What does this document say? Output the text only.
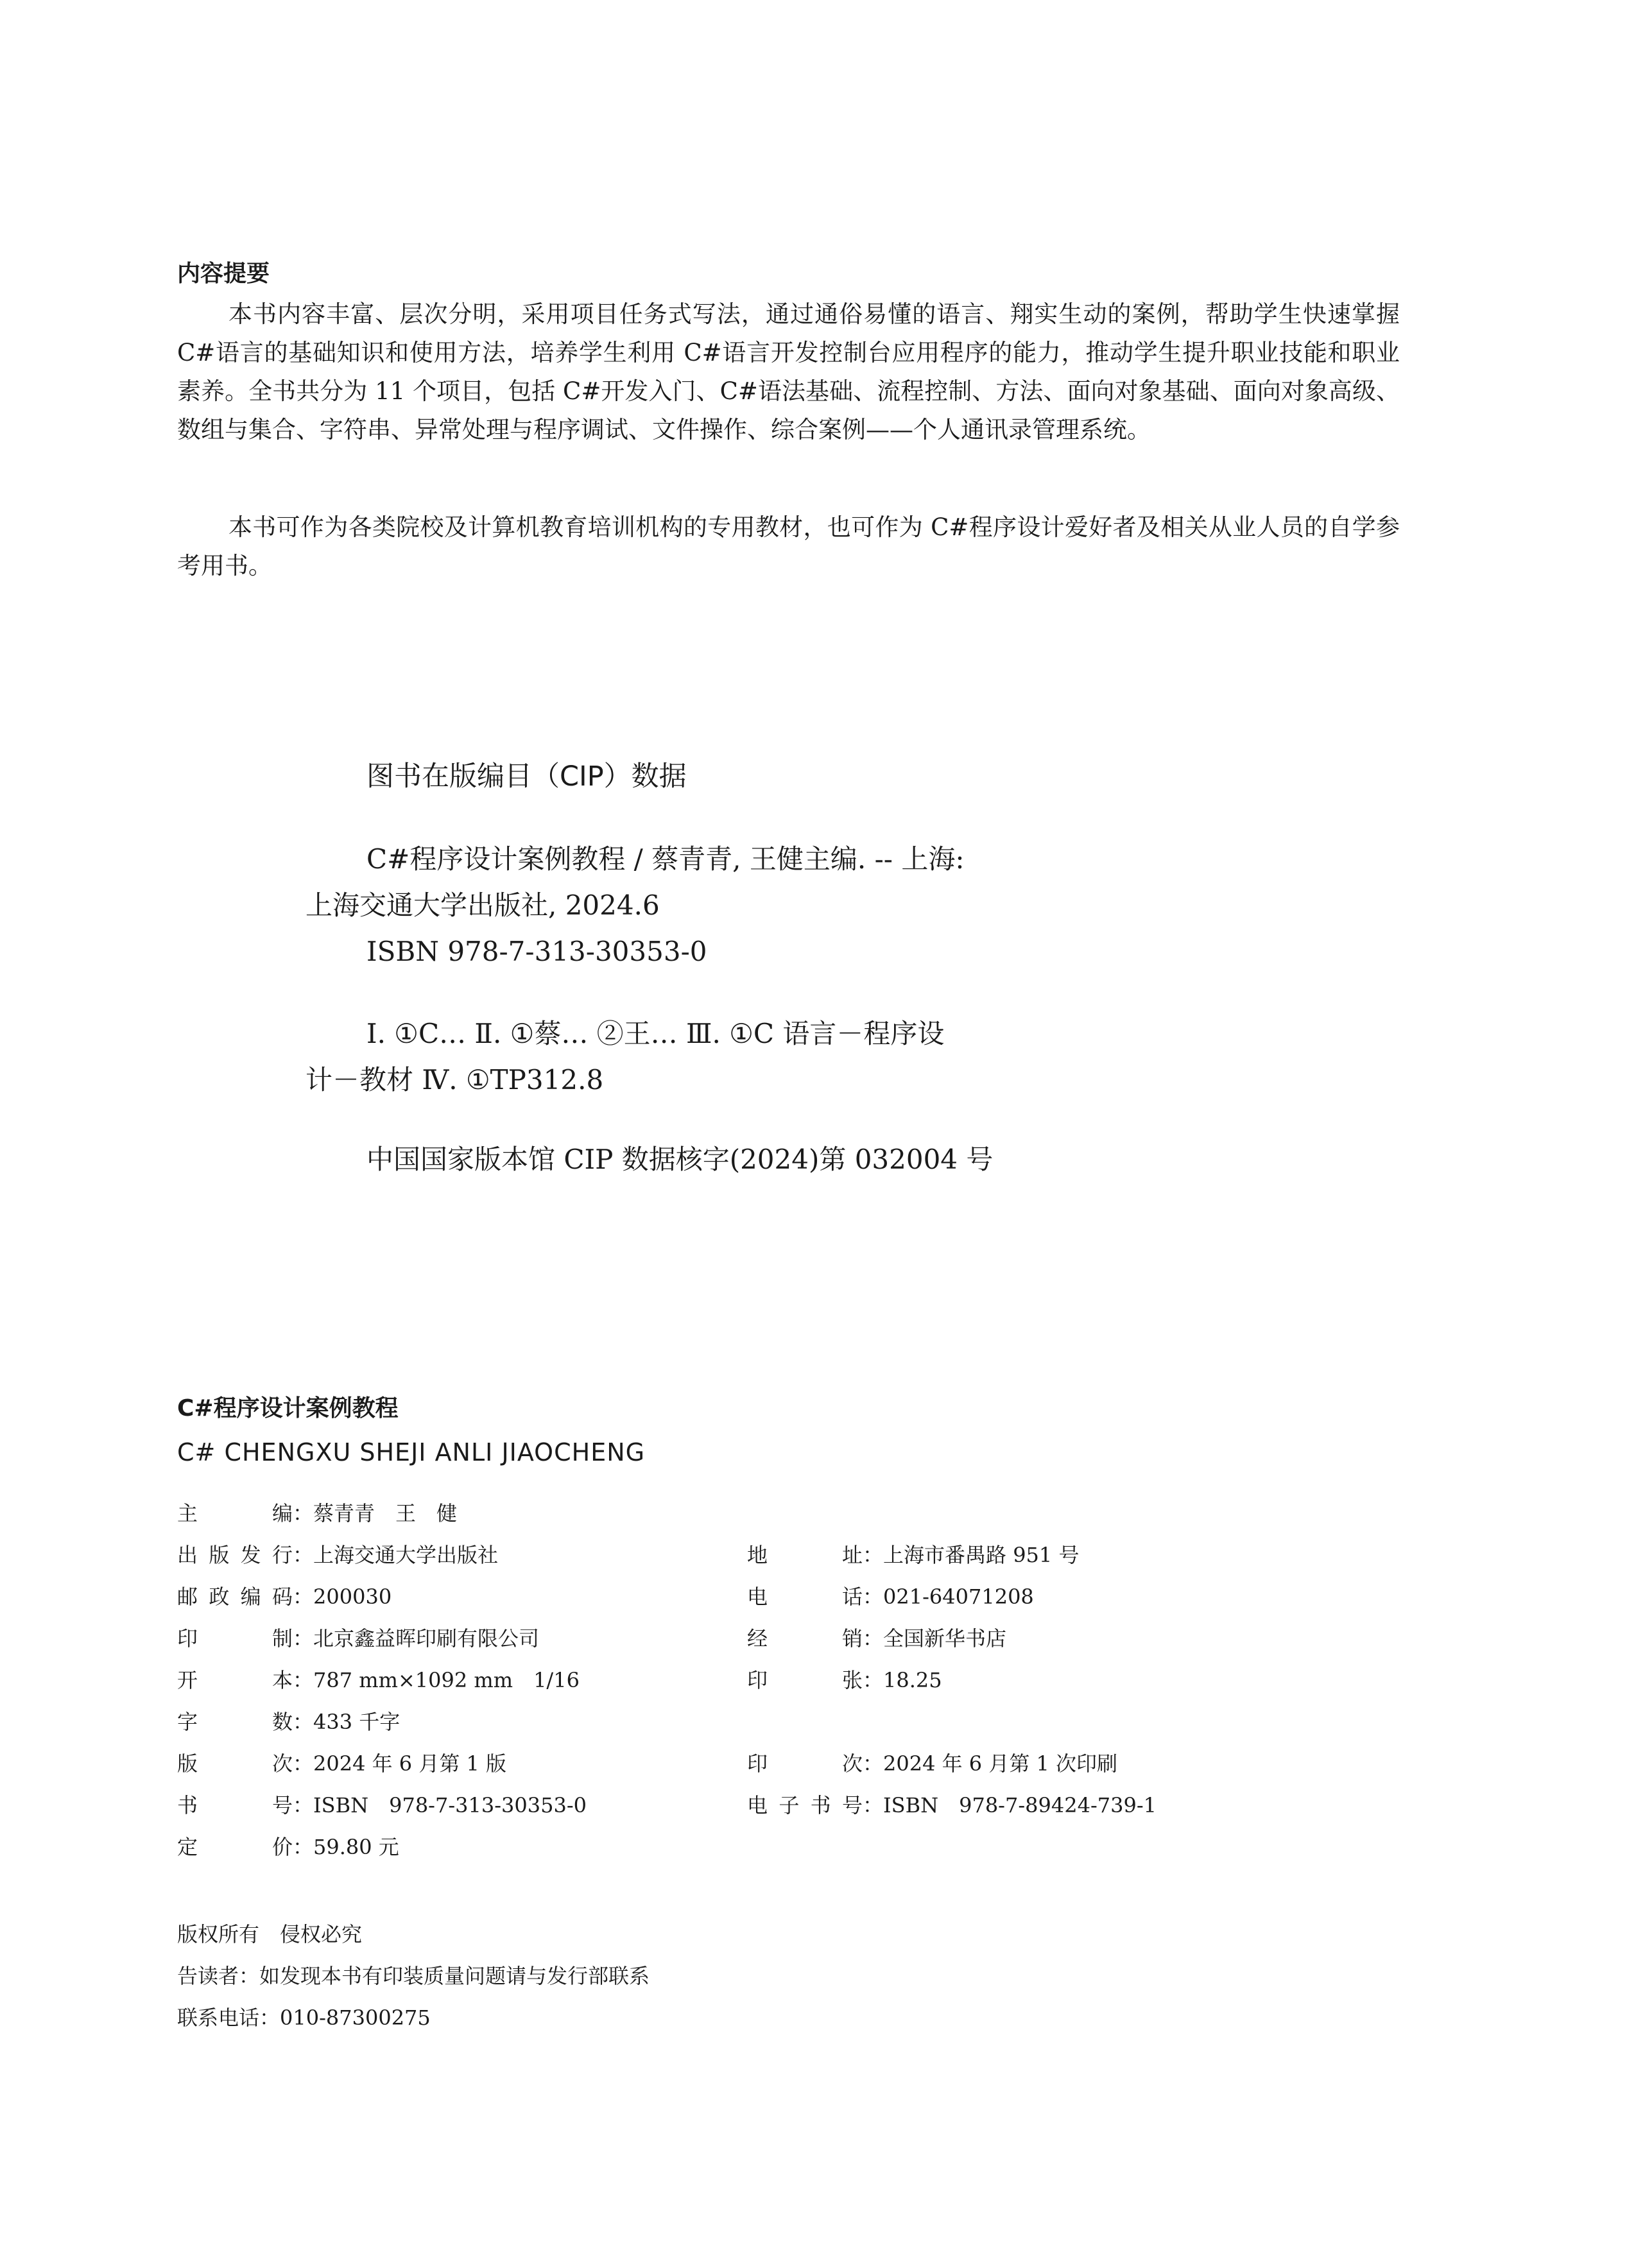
内容提要
本书内容丰富、层次分明，采用项目任务式写法，通过通俗易懂的语言、翔实生动的案例，帮助学生快速掌握 C#语言的基础知识和使用方法，培养学生利用 C#语言开发控制台应用程序的能力，推动学生提升职业技能和职业素养。全书共分为 11 个项目，包括 C#开发入门、C#语法基础、流程控制、方法、面向对象基础、面向对象高级、数组与集合、字符串、异常处理与程序调试、文件操作、综合案例——个人通讯录管理系统。
本书可作为各类院校及计算机教育培训机构的专用教材，也可作为 C#程序设计爱好者及相关从业人员的自学参考用书。
图书在版编目（CIP）数据
C#程序设计案例教程 / 蔡青青, 王健主编. -- 上海:
上海交通大学出版社, 2024.6
ISBN 978-7-313-30353-0
Ⅰ. ①C… Ⅱ. ①蔡… ②王… Ⅲ. ①C 语言－程序设
计－教材 Ⅳ. ①TP312.8
中国国家版本馆 CIP 数据核字(2024)第 032004 号
C#程序设计案例教程
C# CHENGXU SHEJI ANLI JIAOCHENG
主编 ： 蔡青青　王　健
出版发行 ： 上海交通大学出版社	地址 ： 上海市番禺路 951 号
邮政编码 ： 200030	电话 ： 021-64071208
印制 ： 北京鑫益晖印刷有限公司	经销 ： 全国新华书店
开本 ： 787 mm×1092 mm　1/16	印张 ： 18.25
字数 ： 433 千字
版次 ： 2024 年 6 月第 1 版	印次 ： 2024 年 6 月第 1 次印刷
书号 ： ISBN　978-7-313-30353-0	电子书号 ： ISBN　978-7-89424-739-1
定价 ： 59.80 元
版权所有　侵权必究
告读者：如发现本书有印装质量问题请与发行部联系
联系电话：010-87300275
